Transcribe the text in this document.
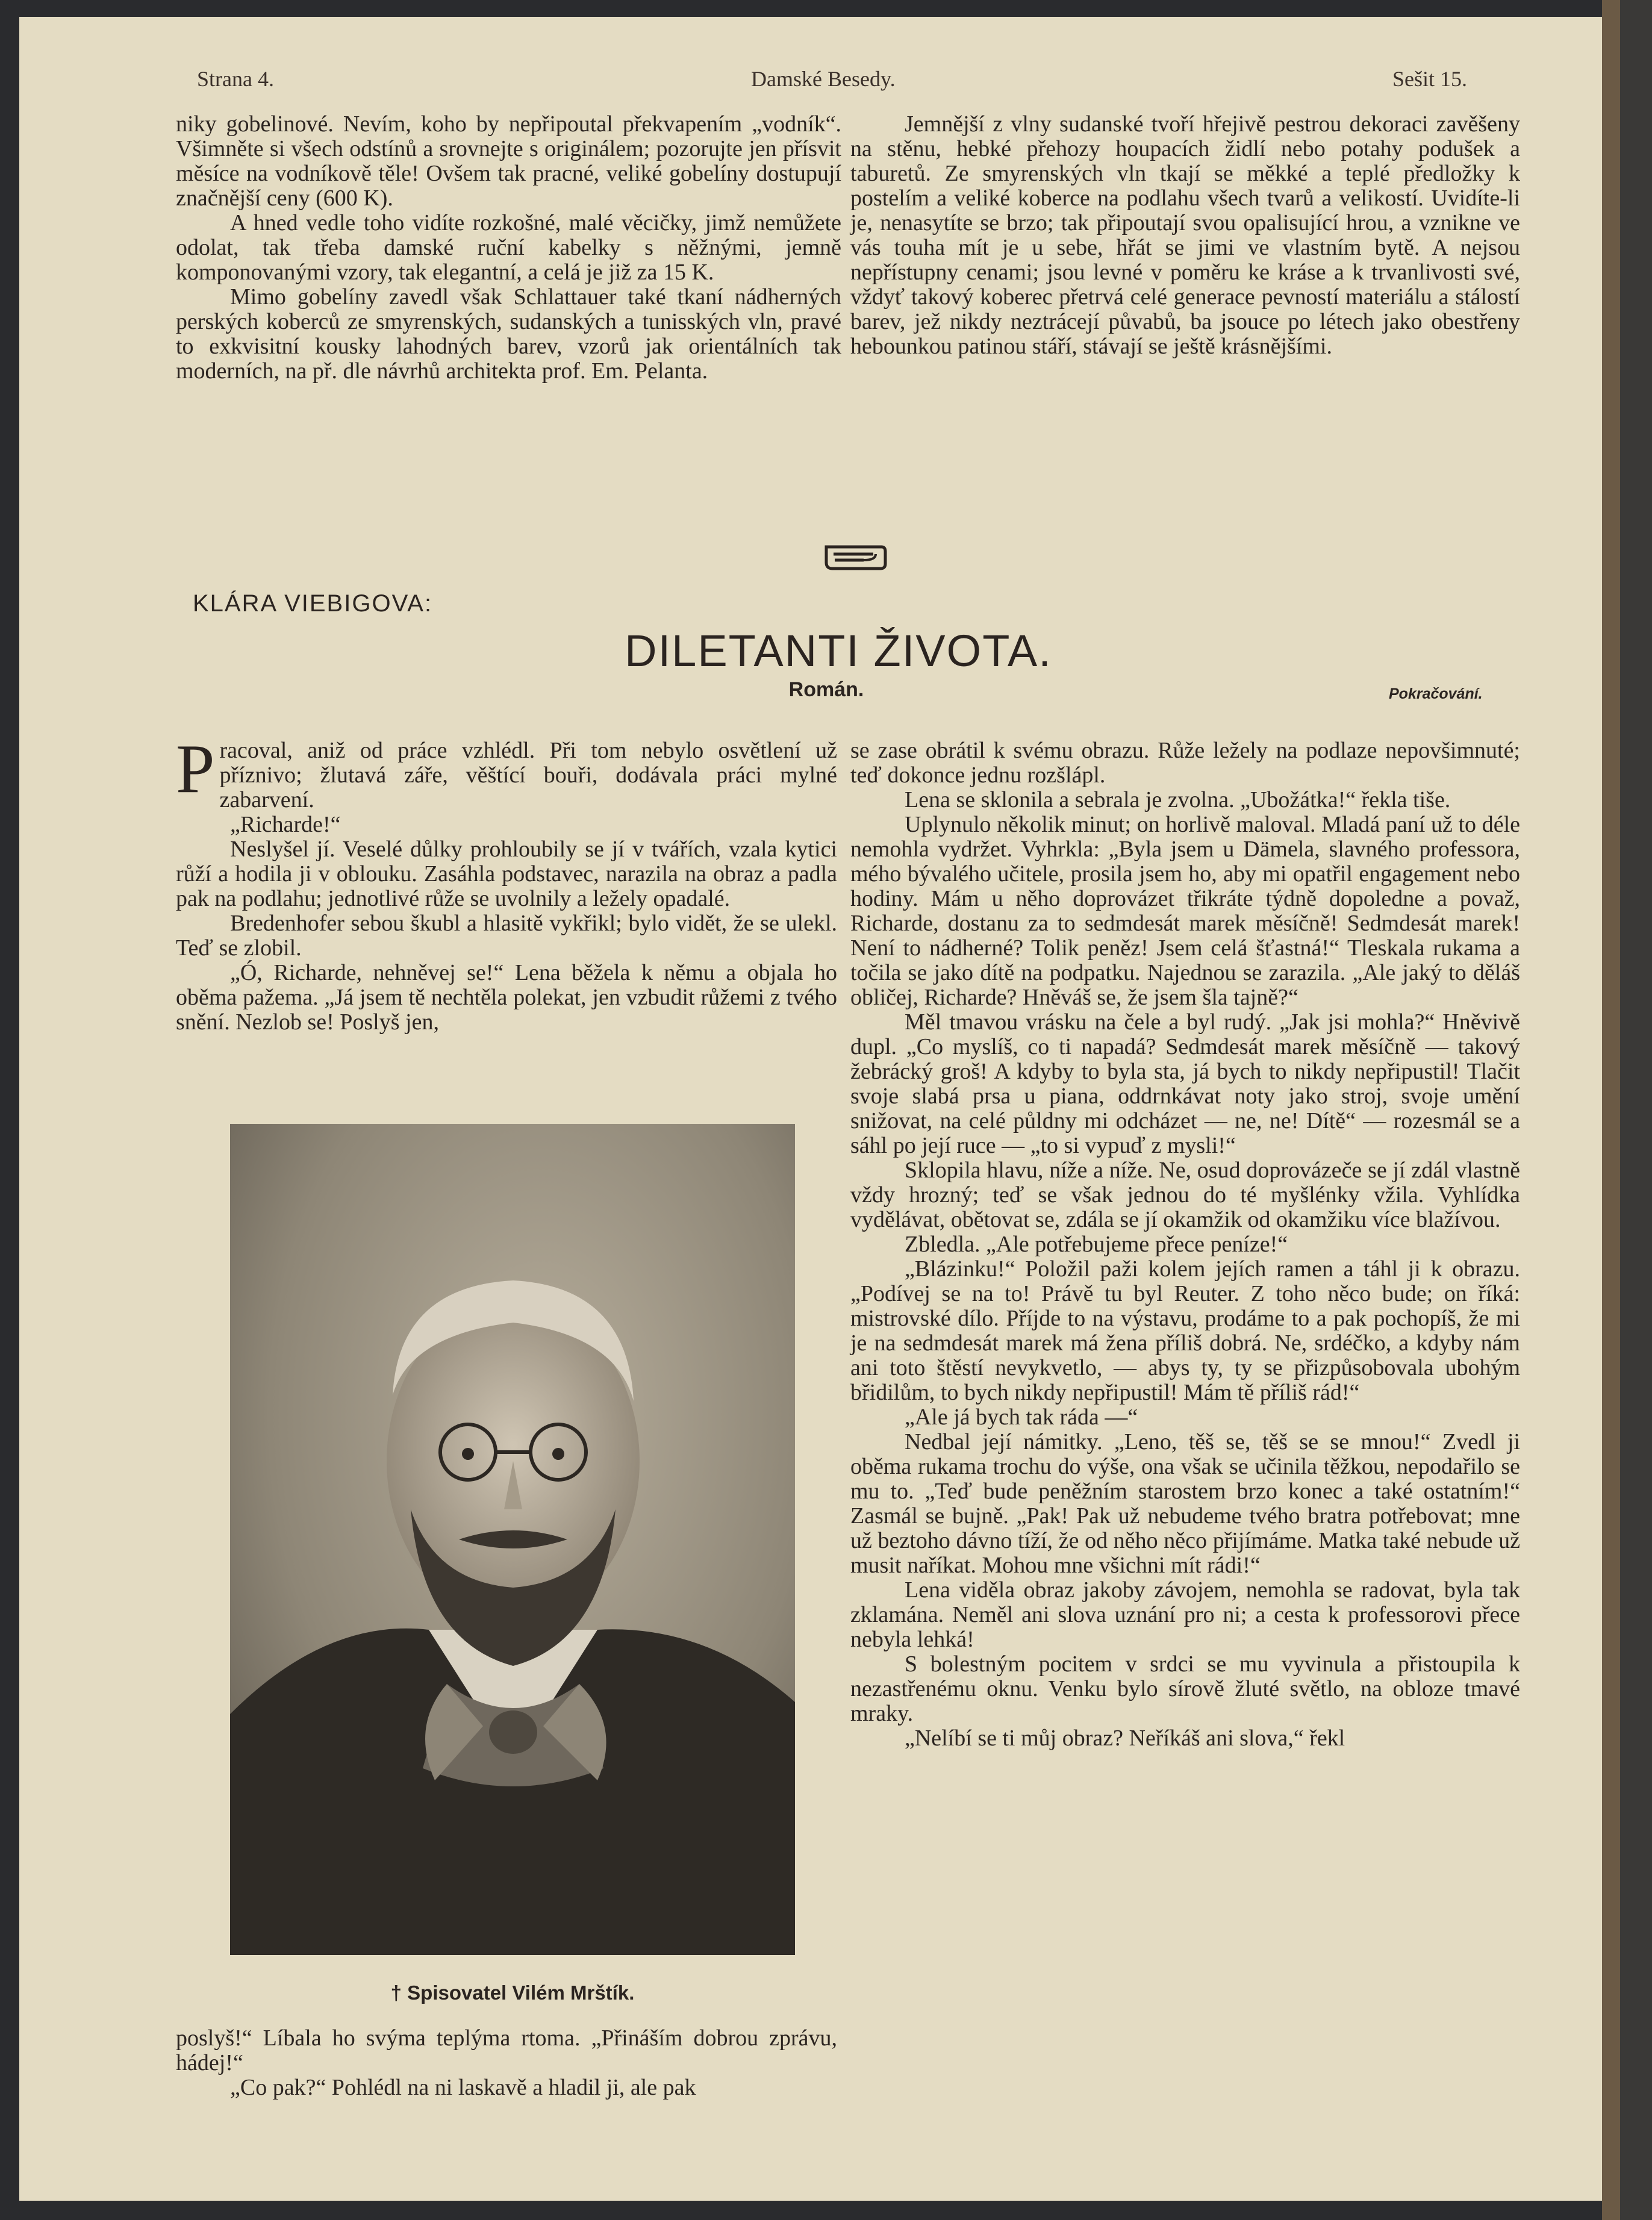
Strana 4.	Damské Besedy.	Sešit 15.

niky gobelinové. Nevím, koho by nepřipoutal překvapením „vodník“. Všimněte si všech odstínů a srovnejte s originálem; pozorujte jen přísvit měsíce na vodníkově těle! Ovšem tak pracné, veliké gobelíny dostupují značnější ceny (600 K).

A hned vedle toho vidíte rozkošné, malé věcičky, jimž nemůžete odolat, tak třeba damské ruční kabelky s něžnými, jemně komponovanými vzory, tak elegantní, a celá je již za 15 K.

Mimo gobelíny zavedl však Schlattauer také tkaní nádherných perských koberců ze smyrenských, sudanských a tunisských vln, pravé to exkvisitní kousky lahodných barev, vzorů jak orientálních tak moderních, na př. dle návrhů architekta prof. Em. Pelanta.

Jemnější z vlny sudanské tvoří hřejivě pestrou dekoraci zavěšeny na stěnu, hebké přehozy houpacích židlí nebo potahy podušek a taburetů. Ze smyrenských vln tkají se měkké a teplé předložky k postelím a veliké koberce na podlahu všech tvarů a velikostí. Uvidíte-li je, nenasytíte se brzo; tak připoutají svou opalisující hrou, a vznikne ve vás touha mít je u sebe, hřát se jimi ve vlastním bytě. A nejsou nepřístupny cenami; jsou levné v poměru ke kráse a k trvanlivosti své, vždyť takový koberec přetrvá celé generace pevností materiálu a stálostí barev, jež nikdy neztrácejí půvabů, ba jsouce po létech jako obestřeny hebounkou patinou stáří, stávají se ještě krásnějšími.

KLÁRA VIEBIGOVA:
DILETANTI ŽIVOTA.
Román.	Pokračování.

Pracoval, aniž od práce vzhlédl. Při tom nebylo osvětlení už příznivo; žlutavá záře, věštící bouři, dodávala práci mylné zabarvení.

„Richarde!“

Neslyšel jí. Veselé důlky prohloubily se jí v tvářích, vzala kytici růží a hodila ji v oblouku. Zasáhla podstavec, narazila na obraz a padla pak na podlahu; jednotlivé růže se uvolnily a ležely opadalé.

Bredenhofer sebou škubl a hlasitě vykřikl; bylo vidět, že se ulekl. Teď se zlobil.

„Ó, Richarde, nehněvej se!“ Lena běžela k němu a objala ho oběma pažema. „Já jsem tě nechtěla polekat, jen vzbudit růžemi z tvého snění. Nezlob se! Poslyš jen,

† Spisovatel Vilém Mrštík.

poslyš!“ Líbala ho svýma teplýma rtoma. „Přináším dobrou zprávu, hádej!“

„Co pak?“ Pohlédl na ni laskavě a hladil ji, ale pak

se zase obrátil k svému obrazu. Růže ležely na podlaze nepovšimnuté; teď dokonce jednu rozšlápl.

Lena se sklonila a sebrala je zvolna. „Ubožátka!“ řekla tiše.

Uplynulo několik minut; on horlivě maloval. Mladá paní už to déle nemohla vydržet. Vyhrkla: „Byla jsem u Dämela, slavného professora, mého bývalého učitele, prosila jsem ho, aby mi opatřil engagement nebo hodiny. Mám u něho doprovázet třikráte týdně dopoledne a považ, Richarde, dostanu za to sedmdesát marek měsíčně! Sedmdesát marek! Není to nádherné? Tolik peněz! Jsem celá šťastná!“ Tleskala rukama a točila se jako dítě na podpatku. Najednou se zarazila. „Ale jaký to děláš obličej, Richarde? Hněváš se, že jsem šla tajně?“

Měl tmavou vrásku na čele a byl rudý. „Jak jsi mohla?“ Hněvivě dupl. „Co myslíš, co ti napadá? Sedmdesát marek měsíčně — takový žebrácký groš! A kdyby to byla sta, já bych to nikdy nepřipustil! Tlačit svoje slabá prsa u piana, oddrnkávat noty jako stroj, svoje umění snižovat, na celé půldny mi odcházet — ne, ne! Dítě“ — rozesmál se a sáhl po její ruce — „to si vypuď z mysli!“

Sklopila hlavu, níže a níže. Ne, osud doprovázeče se jí zdál vlastně vždy hrozný; teď se však jednou do té myšlénky vžila. Vyhlídka vydělávat, obětovat se, zdála se jí okamžik od okamžiku více blažívou.

Zbledla. „Ale potřebujeme přece peníze!“

„Blázinku!“ Položil paži kolem jejích ramen a táhl ji k obrazu. „Podívej se na to! Právě tu byl Reuter. Z toho něco bude; on říká: mistrovské dílo. Příjde to na výstavu, prodáme to a pak pochopíš, že mi je na sedmdesát marek má žena příliš dobrá. Ne, srdéčko, a kdyby nám ani toto štěstí nevykvetlo, — abys ty, ty se přizpůsobovala ubohým břidilům, to bych nikdy nepřipustil! Mám tě příliš rád!“

„Ale já bych tak ráda —“

Nedbal její námitky. „Leno, těš se, těš se se mnou!“ Zvedl ji oběma rukama trochu do výše, ona však se učinila těžkou, nepodařilo se mu to. „Teď bude peněžním starostem brzo konec a také ostatním!“ Zasmál se bujně. „Pak! Pak už nebudeme tvého bratra potřebovat; mne už beztoho dávno tíží, že od něho něco přijímáme. Matka také nebude už musit naříkat. Mohou mne všichni mít rádi!“

Lena viděla obraz jakoby závojem, nemohla se radovat, byla tak zklamána. Neměl ani slova uznání pro ni; a cesta k professorovi přece nebyla lehká!

S bolestným pocitem v srdci se mu vyvinula a přistoupila k nezastřenému oknu. Venku bylo sírově žluté světlo, na obloze tmavé mraky.

„Nelíbí se ti můj obraz? Neříkáš ani slova,“ řekl
